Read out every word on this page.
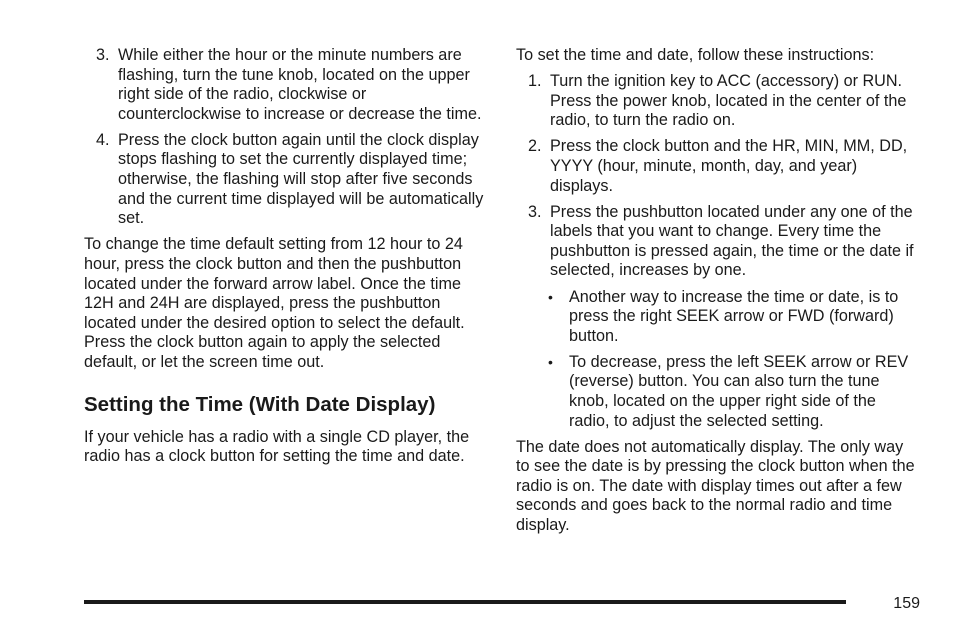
3. While either the hour or the minute numbers are flashing, turn the tune knob, located on the upper right side of the radio, clockwise or counterclockwise to increase or decrease the time.
4. Press the clock button again until the clock display stops flashing to set the currently displayed time; otherwise, the flashing will stop after five seconds and the current time displayed will be automatically set.

To change the time default setting from 12 hour to 24 hour, press the clock button and then the pushbutton located under the forward arrow label. Once the time 12H and 24H are displayed, press the pushbutton located under the desired option to select the default. Press the clock button again to apply the selected default, or let the screen time out.

Setting the Time (With Date Display)

If your vehicle has a radio with a single CD player, the radio has a clock button for setting the time and date.

To set the time and date, follow these instructions:

1. Turn the ignition key to ACC (accessory) or RUN. Press the power knob, located in the center of the radio, to turn the radio on.
2. Press the clock button and the HR, MIN, MM, DD, YYYY (hour, minute, month, day, and year) displays.
3. Press the pushbutton located under any one of the labels that you want to change. Every time the pushbutton is pressed again, the time or the date if selected, increases by one.
• Another way to increase the time or date, is to press the right SEEK arrow or FWD (forward) button.
• To decrease, press the left SEEK arrow or REV (reverse) button. You can also turn the tune knob, located on the upper right side of the radio, to adjust the selected setting.

The date does not automatically display. The only way to see the date is by pressing the clock button when the radio is on. The date with display times out after a few seconds and goes back to the normal radio and time display.

159
